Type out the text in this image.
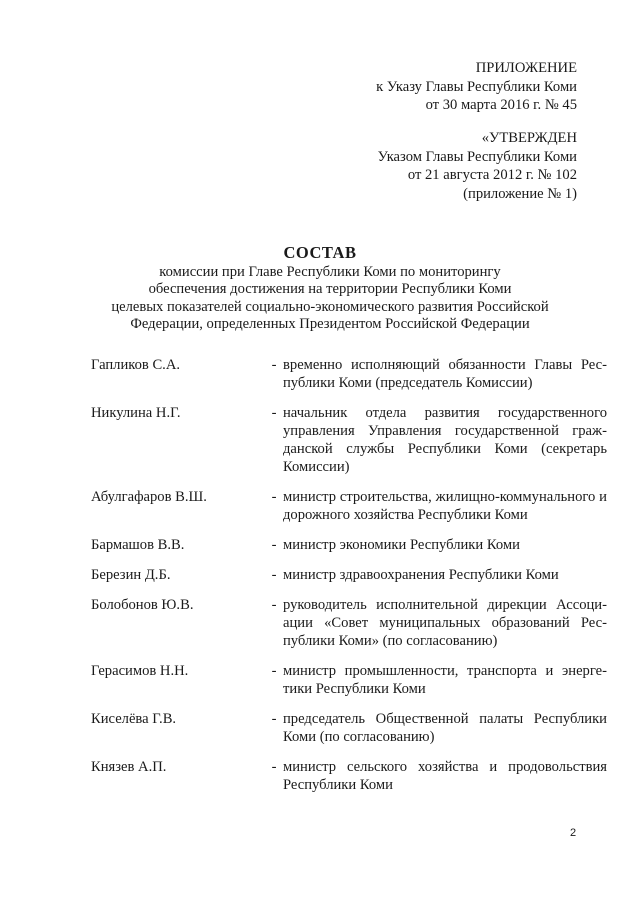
ПРИЛОЖЕНИЕ
к Указу Главы Республики Коми
от 30 марта 2016 г. № 45
«УТВЕРЖДЕН
Указом Главы Республики Коми
от 21 августа 2012 г. № 102
(приложение № 1)
СОСТАВ
комиссии при Главе Республики Коми по мониторингу
обеспечения достижения на территории Республики Коми
целевых показателей социально-экономического развития Российской
Федерации, определенных Президентом Российской Федерации
Гапликов С.А.	- временно исполняющий обязанности Главы Республики Коми (председатель Комиссии)
Никулина Н.Г.	- начальник отдела развития государственного управления Управления государственной гражданской службы Республики Коми (секретарь Комиссии)
Абулгафаров В.Ш.	- министр строительства, жилищно-коммунального и дорожного хозяйства Республики Коми
Бармашов В.В.	- министр экономики Республики Коми
Березин Д.Б.	- министр здравоохранения Республики Коми
Болобонов Ю.В.	- руководитель исполнительной дирекции Ассоциации «Совет муниципальных образований Республики Коми» (по согласованию)
Герасимов Н.Н.	- министр промышленности, транспорта и энергетики Республики Коми
Киселёва Г.В.	- председатель Общественной палаты Республики Коми (по согласованию)
Князев А.П.	- министр сельского хозяйства и продовольствия Республики Коми
2
